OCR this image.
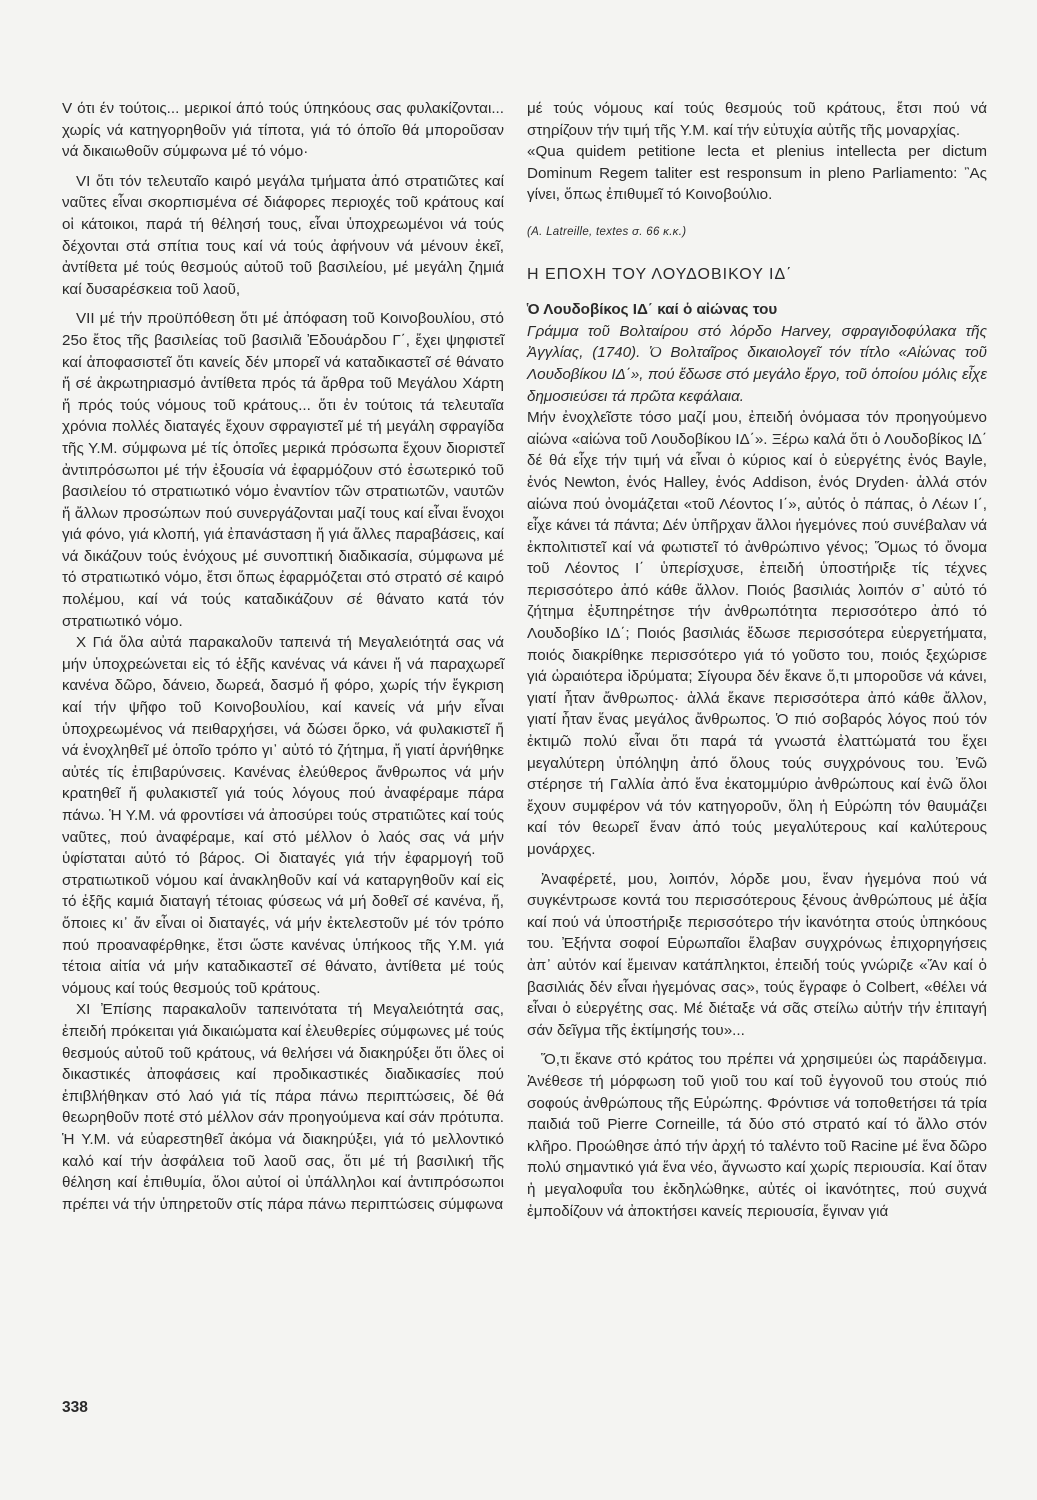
V ότι έν τούτοις... μερικοί άπό τούς ύπηκόους σας φυλακίζονται... χωρίς νά κατηγορηθοῦν γιά τίποτα, γιά τό όποῖο θά μποροῦσαν νά δικαιωθοῦν σύμφωνα μέ τό νόμο·

VI ὅτι τόν τελευταῖο καιρό μεγάλα τμήματα ἀπό στρατιῶτες καί ναῦτες εἶναι σκορπισμένα σέ διάφορες περιοχές τοῦ κράτους καί οἱ κάτοικοι, παρά τή θέλησή τους, εἶναι ὑποχρεωμένοι νά τούς δέχονται στά σπίτια τους καί νά τούς ἀφήνουν νά μένουν ἐκεῖ, ἀντίθετα μέ τούς θεσμούς αὐτοῦ τοῦ βασιλείου, μέ μεγάλη ζημιά καί δυσαρέσκεια τοῦ λαοῦ,

VII μέ τήν προϋπόθεση ὅτι μέ ἀπόφαση τοῦ Κοινοβουλίου, στό 25ο ἔτος τῆς βασιλείας τοῦ βασιλιᾶ Ἐδουάρδου Γ΄, ἔχει ψηφιστεῖ καί ἀποφασιστεῖ ὅτι κανείς δέν μπορεῖ νά καταδικαστεῖ σέ θάνατο ἤ σέ ἀκρωτηριασμό ἀντίθετα πρός τά ἄρθρα τοῦ Μεγάλου Χάρτη ἤ πρός τούς νόμους τοῦ κράτους... ὅτι ἐν τούτοις τά τελευταῖα χρόνια πολλές διαταγές ἔχουν σφραγιστεῖ μέ τή μεγάλη σφραγίδα τῆς Υ.Μ. σύμφωνα μέ τίς ὁποῖες μερικά πρόσωπα ἔχουν διοριστεῖ ἀντιπρόσωποι μέ τήν ἐξουσία νά ἐφαρμόζουν στό ἐσωτερικό τοῦ βασιλείου τό στρατιωτικό νόμο ἐναντίον τῶν στρατιωτῶν, ναυτῶν ἤ ἄλλων προσώπων πού συνεργάζονται μαζί τους καί εἶναι ἔνοχοι γιά φόνο, γιά κλοπή, γιά ἐπανάσταση ἤ γιά ἄλλες παραβάσεις, καί νά δικάζουν τούς ἐνόχους μέ συνοπτική διαδικασία, σύμφωνα μέ τό στρατιωτικό νόμο, ἔτσι ὅπως ἐφαρμόζεται στό στρατό σέ καιρό πολέμου, καί νά τούς καταδικάζουν σέ θάνατο κατά τόν στρατιωτικό νόμο.

X Γιά ὅλα αὐτά παρακαλοῦν ταπεινά τή Μεγαλειότητά σας νά μήν ὑποχρεώνεται εἰς τό ἑξῆς κανένας νά κάνει ἤ νά παραχωρεῖ κανένα δῶρο, δάνειο, δωρεά, δασμό ἤ φόρο, χωρίς τήν ἔγκριση καί τήν ψῆφο τοῦ Κοινοβουλίου, καί κανείς νά μήν εἶναι ὑποχρεωμένος νά πειθαρχήσει, νά δώσει ὅρκο, νά φυλακιστεῖ ἤ νά ἐνοχληθεῖ μέ ὁποῖο τρόπο γι᾽ αὐτό τό ζήτημα, ἤ γιατί ἀρνήθηκε αὐτές τίς ἐπιβαρύνσεις. Κανένας ἐλεύθερος ἄνθρωπος νά μήν κρατηθεῖ ἤ φυλακιστεῖ γιά τούς λόγους πού ἀναφέραμε πάρα πάνω. Ἡ Υ.Μ. νά φροντίσει νά ἀποσύρει τούς στρατιῶτες καί τούς ναῦτες, πού ἀναφέραμε, καί στό μέλλον ὁ λαός σας νά μήν ὑφίσταται αὐτό τό βάρος. Οἱ διαταγές γιά τήν ἐφαρμογή τοῦ στρατιωτικοῦ νόμου καί ἀνακληθοῦν καί νά καταργηθοῦν καί εἰς τό ἑξῆς καμιά διαταγή τέτοιας φύσεως νά μή δοθεῖ σέ κανένα, ἤ, ὅποιες κι᾽ ἄν εἶναι οἱ διαταγές, νά μήν ἐκτελεστοῦν μέ τόν τρόπο πού προαναφέρθηκε, ἔτσι ὥστε κανένας ὑπήκοος τῆς Υ.Μ. γιά τέτοια αἰτία νά μήν καταδικαστεῖ σέ θάνατο, ἀντίθετα μέ τούς νόμους καί τούς θεσμούς τοῦ κράτους.

XI Ἐπίσης παρακαλοῦν ταπεινότατα τή Μεγαλειότητά σας, ἐπειδή πρόκειται γιά δικαιώματα καί ἐλευθερίες σύμφωνες μέ τούς θεσμούς αὐτοῦ τοῦ κράτους, νά θελήσει νά διακηρύξει ὅτι ὅλες οἱ δικαστικές ἀποφάσεις καί προδικαστικές διαδικασίες πού ἐπιβλήθηκαν στό λαό γιά τίς πάρα πάνω περιπτώσεις, δέ θά θεωρηθοῦν ποτέ στό μέλλον σάν προηγούμενα καί σάν πρότυπα. Ἡ Υ.Μ. νά εὐαρεστηθεῖ ἀκόμα νά διακηρύξει, γιά τό μελλοντικό καλό καί τήν ἀσφάλεια τοῦ λαοῦ σας, ὅτι μέ τή βασιλική τῆς θέληση καί ἐπιθυμία, ὅλοι αὐτοί οἱ ὑπάλληλοι καί ἀντιπρόσωποι πρέπει νά τήν ὑπηρετοῦν στίς πάρα πάνω περιπτώσεις σύμφωνα

μέ τούς νόμους καί τούς θεσμούς τοῦ κράτους, ἔτσι πού νά στηρίζουν τήν τιμή τῆς Υ.Μ. καί τήν εὐτυχία αὐτῆς τῆς μοναρχίας.

«Qua quidem petitione lecta et plenius intellecta per dictum Dominum Regem taliter est responsum in pleno Parliamento: ῍Ας γίνει, ὅπως ἐπιθυμεῖ τό Κοινοβούλιο.

(A. Latreille, textes σ. 66 κ.κ.)

Η ΕΠΟΧΗ ΤΟΥ ΛΟΥΔΟΒΙΚΟΥ ΙΔ΄

Ὁ Λουδοβίκος ΙΔ΄ καί ὁ αἰώνας του

Γράμμα τοῦ Βολταίρου στό λόρδο Harvey, σφραγιδοφύλακα τῆς Ἀγγλίας, (1740). Ὁ Βολταῖρος δικαιολογεῖ τόν τίτλο «Αἰώνας τοῦ Λουδοβίκου ΙΔ΄», πού ἔδωσε στό μεγάλο ἔργο, τοῦ ὁποίου μόλις εἶχε δημοσιεύσει τά πρῶτα κεφάλαια.

Μήν ἐνοχλεῖστε τόσο μαζί μου, ἐπειδή ὀνόμασα τόν προηγούμενο αἰώνα «αἰώνα τοῦ Λουδοβίκου ΙΔ΄». Ξέρω καλά ὅτι ὁ Λουδοβίκος ΙΔ΄ δέ θά εἶχε τήν τιμή νά εἶναι ὁ κύριος καί ὁ εὐεργέτης ἑνός Bayle, ἑνός Newton, ἑνός Halley, ἑνός Addison, ἑνός Dryden· ἀλλά στόν αἰώνα πού ὀνομάζεται «τοῦ Λέοντος Ι΄», αὐτός ὁ πάπας, ὁ Λέων Ι΄, εἶχε κάνει τά πάντα; Δέν ὑπῆρχαν ἄλλοι ἡγεμόνες πού συνέβαλαν νά ἐκπολιτιστεῖ καί νά φωτιστεῖ τό ἀνθρώπινο γένος; Ὅμως τό ὄνομα τοῦ Λέοντος Ι΄ ὑπερίσχυσε, ἐπειδή ὑποστήριξε τίς τέχνες περισσότερο ἀπό κάθε ἄλλον. Ποιός βασιλιάς λοιπόν σ᾽ αὐτό τό ζήτημα ἐξυπηρέτησε τήν ἀνθρωπότητα περισσότερο ἀπό τό Λουδοβίκο ΙΔ΄; Ποιός βασιλιάς ἔδωσε περισσότερα εὐεργετήματα, ποιός διακρίθηκε περισσότερο γιά τό γοῦστο του, ποιός ξεχώρισε γιά ὡραιότερα ἱδρύματα; Σίγουρα δέν ἔκανε ὅ,τι μποροῦσε νά κάνει, γιατί ἦταν ἄνθρωπος· ἀλλά ἔκανε περισσότερα ἀπό κάθε ἄλλον, γιατί ἦταν ἕνας μεγάλος ἄνθρωπος. Ὁ πιό σοβαρός λόγος πού τόν ἐκτιμῶ πολύ εἶναι ὅτι παρά τά γνωστά ἐλαττώματά του ἔχει μεγαλύτερη ὑπόληψη ἀπό ὅλους τούς συγχρόνους του. Ἐνῶ στέρησε τή Γαλλία ἀπό ἕνα ἑκατομμύριο ἀνθρώπους καί ἐνῶ ὅλοι ἔχουν συμφέρον νά τόν κατηγοροῦν, ὅλη ἡ Εὐρώπη τόν θαυμάζει καί τόν θεωρεῖ ἕναν ἀπό τούς μεγαλύτερους καί καλύτερους μονάρχες.

Ἀναφέρετέ, μου, λοιπόν, λόρδε μου, ἕναν ἡγεμόνα πού νά συγκέντρωσε κοντά του περισσότερους ξένους ἀνθρώπους μέ ἀξία καί πού νά ὑποστήριξε περισσότερο τήν ἱκανότητα στούς ὑπηκόους του. Ἐξήντα σοφοί Εὐρωπαῖοι ἔλαβαν συγχρόνως ἐπιχορηγήσεις ἀπ᾽ αὐτόν καί ἔμειναν κατάπληκτοι, ἐπειδή τούς γνώριζε «Ἄν καί ὁ βασιλιάς δέν εἶναι ἡγεμόνας σας», τούς ἔγραφε ὁ Colbert, «θέλει νά εἶναι ὁ εὐεργέτης σας. Μέ διέταξε νά σᾶς στείλω αὐτήν τήν ἐπιταγή σάν δεῖγμα τῆς ἐκτίμησής του»...

Ὅ,τι ἔκανε στό κράτος του πρέπει νά χρησιμεύει ὡς παράδειγμα. Ἀνέθεσε τή μόρφωση τοῦ γιοῦ του καί τοῦ ἐγγονοῦ του στούς πιό σοφούς ἀνθρώπους τῆς Εὐρώπης. Φρόντισε νά τοποθετήσει τά τρία παιδιά τοῦ Pierre Corneille, τά δύο στό στρατό καί τό ἄλλο στόν κλῆρο. Προώθησε ἀπό τήν ἀρχή τό ταλέντο τοῦ Racine μέ ἕνα δῶρο πολύ σημαντικό γιά ἕνα νέο, ἄγνωστο καί χωρίς περιουσία. Καί ὅταν ἡ μεγαλοφυΐα του ἐκδηλώθηκε, αὐτές οἱ ἱκανότητες, πού συχνά ἐμποδίζουν νά ἀποκτήσει κανείς περιουσία, ἔγιναν γιά

338
